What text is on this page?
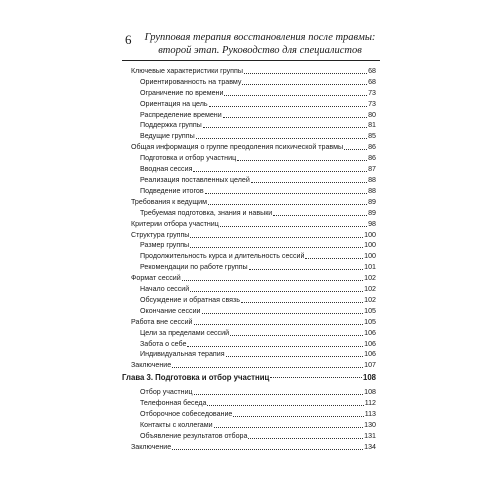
6	Групповая терапия восстановления после травмы:
второй этап. Руководство для специалистов
Ключевые характеристики группы	68
Ориентированность на травму	68
Ограничение по времени	73
Ориентация на цель	73
Распределение времени	80
Поддержка группы	81
Ведущие группы	85
Общая информация о группе преодоления психической травмы	86
Подготовка и отбор участниц	86
Вводная сессия	87
Реализация поставленных целей	88
Подведение итогов	88
Требования к ведущим	89
Требуемая подготовка, знания и навыки	89
Критерии отбора участниц	98
Структура группы	100
Размер группы	100
Продолжительность курса и длительность сессий	100
Рекомендации по работе группы	101
Формат сессий	102
Начало сессий	102
Обсуждение и обратная связь	102
Окончание сессии	105
Работа вне сессий	105
Цели за пределами сессий	106
Забота о себе	106
Индивидуальная терапия	106
Заключение	107
Глава 3. Подготовка и отбор участниц	108
Отбор участниц	108
Телефонная беседа	112
Отборочное собеседование	113
Контакты с коллегами	130
Объявление результатов отбора	131
Заключение	134
